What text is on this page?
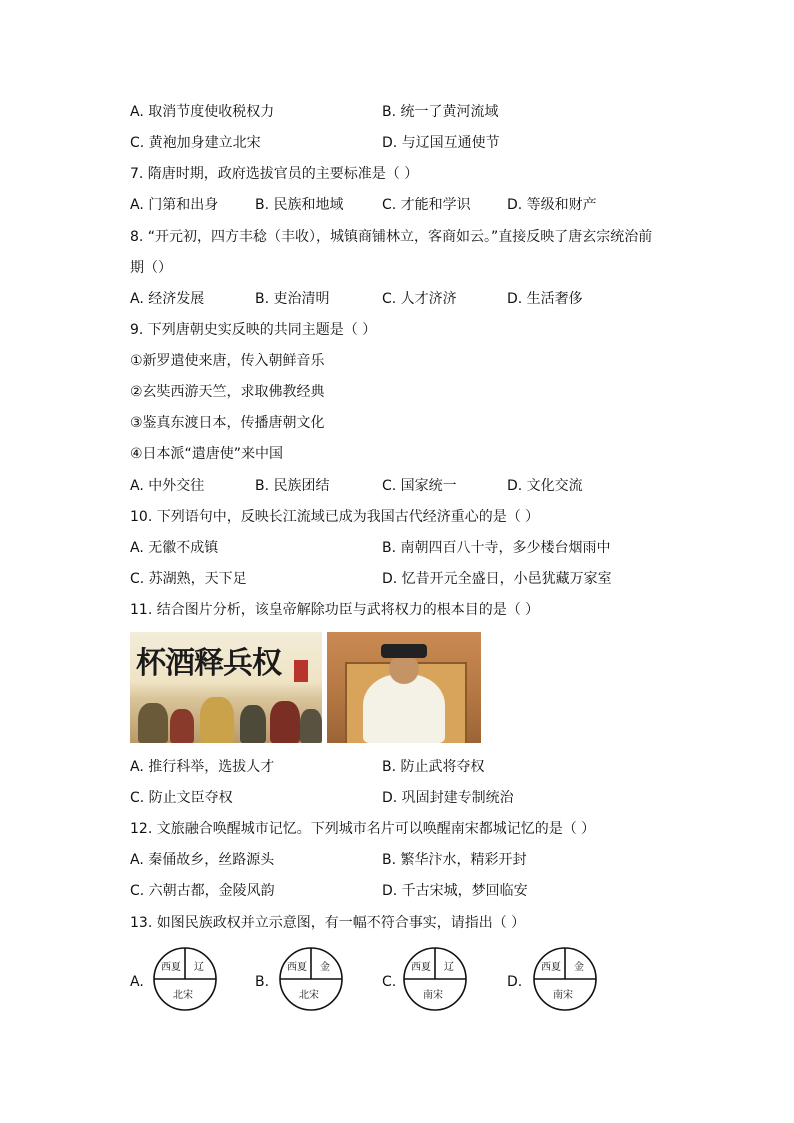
A. 取消节度使收税权力	B. 统一了黄河流域
C. 黄袍加身建立北宋	D. 与辽国互通使节
7. 隋唐时期，政府选拔官员的主要标准是（ ）
A. 门第和出身	B. 民族和地域	C. 才能和学识	D. 等级和财产
8. “开元初，四方丰稔（丰收），城镇商铺林立，客商如云。”直接反映了唐玄宗统治前
期（）
A. 经济发展	B. 吏治清明	C. 人才济济	D. 生活奢侈
9. 下列唐朝史实反映的共同主题是（ ）
①新罗遣使来唐，传入朝鲜音乐
②玄奘西游天竺，求取佛教经典
③鉴真东渡日本，传播唐朝文化
④日本派“遣唐使”来中国
A. 中外交往	B. 民族团结	C. 国家统一	D. 文化交流
10. 下列语句中，反映长江流域已成为我国古代经济重心的是（ ）
A. 无徽不成镇	B. 南朝四百八十寺，多少楼台烟雨中
C. 苏湖熟，天下足	D. 忆昔开元全盛日，小邑犹藏万家室
11. 结合图片分析，该皇帝解除功臣与武将权力的根本目的是（ ）
杯酒释兵权
A. 推行科举，选拔人才	B. 防止武将夺权
C. 防止文臣夺权	D. 巩固封建专制统治
12. 文旅融合唤醒城市记忆。下列城市名片可以唤醒南宋都城记忆的是（ ）
A. 秦俑故乡，丝路源头	B. 繁华汴水，精彩开封
C. 六朝古都，金陵风韵	D. 千古宋城，梦回临安
13. 如图民族政权并立示意图，有一幅不符合事实，请指出（ ）
A.
西夏 辽
北宋
B.
西夏 金
北宋
C.
西夏 辽
南宋
D.
西夏 金
南宋
